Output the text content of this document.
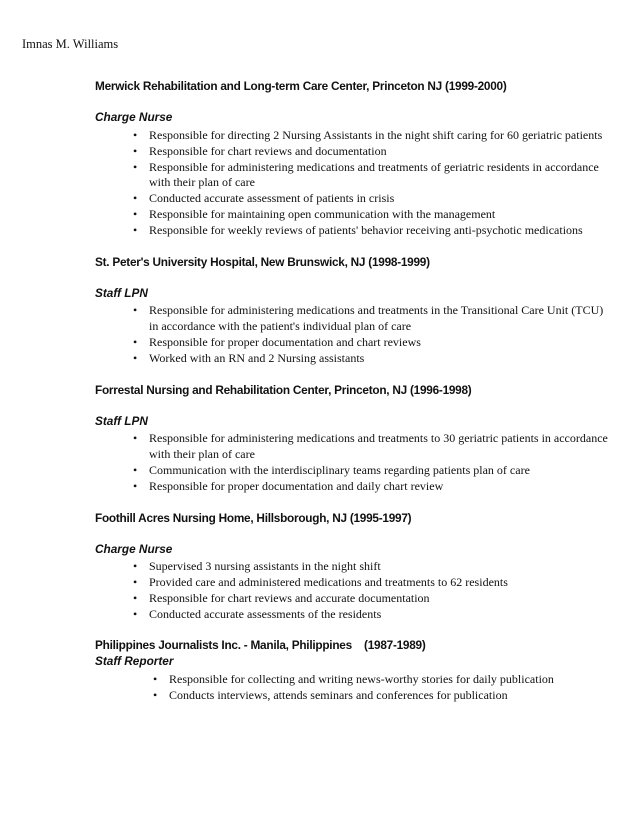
Imnas M. Williams

Merwick Rehabilitation and Long-term Care Center, Princeton NJ (1999-2000)

Charge Nurse

• Responsible for directing 2 Nursing Assistants in the night shift caring for 60 geriatric patients
• Responsible for chart reviews and documentation
• Responsible for administering medications and treatments of geriatric residents in accordance with their plan of care
• Conducted accurate assessment of patients in crisis
• Responsible for maintaining open communication with the management
• Responsible for weekly reviews of patients' behavior receiving anti-psychotic medications

St. Peter's University Hospital, New Brunswick, NJ (1998-1999)

Staff LPN

• Responsible for administering medications and treatments in the Transitional Care Unit (TCU) in accordance with the patient's individual plan of care
• Responsible for proper documentation and chart reviews
• Worked with an RN and 2 Nursing assistants

Forrestal Nursing and Rehabilitation Center, Princeton, NJ (1996-1998)

Staff LPN

• Responsible for administering medications and treatments to 30 geriatric patients in accordance with their plan of care
• Communication with the interdisciplinary teams regarding patients plan of care
• Responsible for proper documentation and daily chart review

Foothill Acres Nursing Home, Hillsborough, NJ (1995-1997)

Charge Nurse

• Supervised 3 nursing assistants in the night shift
• Provided care and administered medications and treatments to 62 residents
• Responsible for chart reviews and accurate documentation
• Conducted accurate assessments of the residents

Philippines Journalists Inc. - Manila, Philippines    (1987-1989)

Staff Reporter

• Responsible for collecting and writing news-worthy stories for daily publication
• Conducts interviews, attends seminars and conferences for publication
